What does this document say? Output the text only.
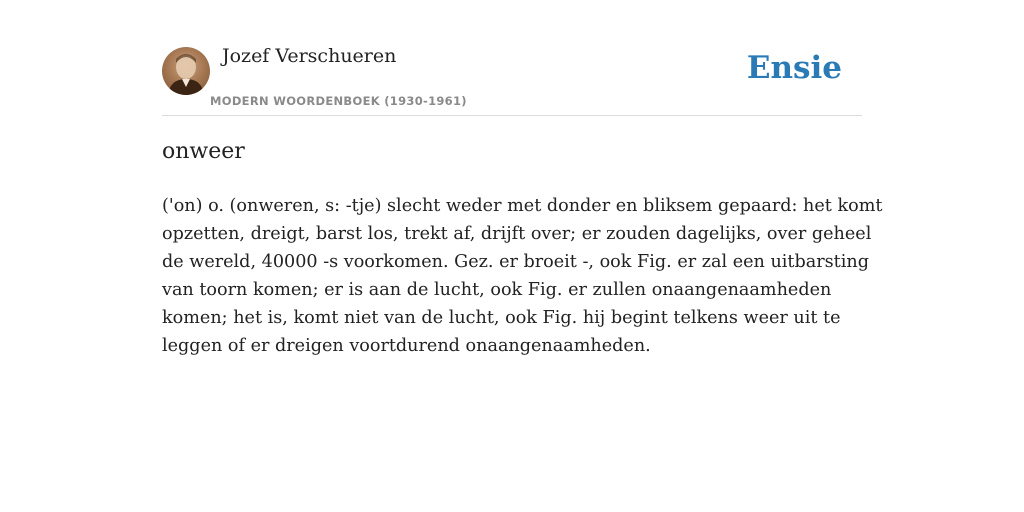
Jozef Verschueren
MODERN WOORDENBOEK (1930-1961)
Ensie
onweer
('on) o. (onweren, s: -tje) slecht weder met donder en bliksem gepaard: het komt
opzetten, dreigt, barst los, trekt af, drijft over; er zouden dagelijks, over geheel
de wereld, 40000 -s voorkomen. Gez. er broeit -, ook Fig. er zal een uitbarsting
van toorn komen; er is aan de lucht, ook Fig. er zullen onaangenaamheden
komen; het is, komt niet van de lucht, ook Fig. hij begint telkens weer uit te
leggen of er dreigen voortdurend onaangenaamheden.
